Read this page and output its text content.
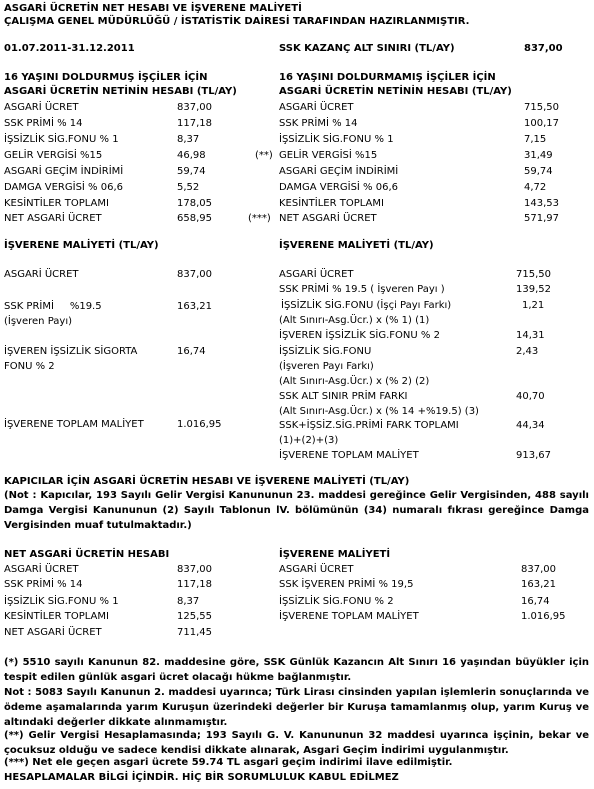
ASGARİ ÜCRETİN NET HESABI VE İŞVERENE MALİYETİ
ÇALIŞMA GENEL MÜDÜRLÜĞÜ / İSTATİSTİK DAİRESİ TARAFINDAN HAZIRLANMIŞTIR.
01.07.2011-31.12.2011	SSK KAZANÇ ALT SINIRI (TL/AY)	837,00
16 YAŞINI DOLDURMUŞ İŞÇİLER İÇİN
ASGARİ ÜCRETİN NETİNİN HESABI (TL/AY)
ASGARİ ÜCRET	837,00
SSK PRİMİ % 14	117,18
İŞSİZLİK SİG.FONU % 1	8,37
GELİR VERGİSİ %15	46,98	(**)
ASGARİ GEÇİM İNDİRİMİ	59,74
DAMGA VERGİSİ % 06,6	5,52
KESİNTİLER TOPLAMI	178,05
NET ASGARİ ÜCRET	658,95	(***)
16 YAŞINI DOLDURMAMIŞ İŞÇİLER İÇİN
ASGARİ ÜCRETİN NETİNİN HESABI (TL/AY)
ASGARİ ÜCRET	715,50
SSK PRİMİ % 14	100,17
İŞSİZLİK SİG.FONU % 1	7,15
GELİR VERGİSİ %15	31,49
ASGARİ GEÇİM İNDİRİMİ	59,74
DAMGA VERGİSİ % 06,6	4,72
KESİNTİLER TOPLAMI	143,53
NET ASGARİ ÜCRET	571,97
İŞVERENE MALİYETİ (TL/AY)
ASGARİ ÜCRET	837,00
SSK PRİMİ     %19.5	163,21
(İşveren Payı)
İŞVEREN İŞSİZLİK SİGORTA	16,74
FONU % 2
İŞVERENE TOPLAM MALİYET	1.016,95
İŞVERENE MALİYETİ (TL/AY)
ASGARİ ÜCRET	715,50
SSK PRİMİ % 19.5 ( İşveren Payı )	139,52
İŞSİZLİK SİG.FONU (İşçi Payı Farkı)	1,21
(Alt Sınırı-Asg.Ücr.) x (% 1) (1)
İŞVEREN İŞSİZLİK SİG.FONU % 2	14,31
İŞSİZLİK SİG.FONU	2,43
(İşveren Payı Farkı)
(Alt Sınırı-Asg.Ücr.) x (% 2) (2)
SSK ALT SINIR PRİM FARKI	40,70
(Alt Sınırı-Asg.Ücr.) x (% 14 +%19.5) (3)
SSK+İŞSİZ.SİG.PRİMİ FARK TOPLAMI	44,34
(1)+(2)+(3)
İŞVERENE TOPLAM MALİYET	913,67
KAPICILAR İÇİN ASGARİ ÜCRETİN HESABI VE İŞVERENE MALİYETİ (TL/AY)
(Not : Kapıcılar, 193 Sayılı Gelir Vergisi Kanununun 23. maddesi gereğince Gelir Vergisinden, 488 sayılı Damga Vergisi Kanununun (2) Sayılı Tablonun lV. bölümünün (34) numaralı fıkrası gereğince Damga Vergisinden muaf tutulmaktadır.)
NET ASGARİ ÜCRETİN HESABI
ASGARİ ÜCRET	837,00
SSK PRİMİ % 14	117,18
İŞSİZLİK SİG.FONU % 1	8,37
KESİNTİLER TOPLAMI	125,55
NET ASGARİ ÜCRET	711,45
İŞVERENE MALİYETİ
ASGARİ ÜCRET	837,00
SSK İŞVEREN PRİMİ % 19,5	163,21
İŞSİZLİK SİG.FONU % 2	16,74
İŞVERENE TOPLAM MALİYET	1.016,95
(*) 5510 sayılı Kanunun 82. maddesine göre, SSK Günlük Kazancın Alt Sınırı 16 yaşından büyükler için tespit edilen günlük asgari ücret olacağı hükme bağlanmıştır.
Not : 5083 Sayılı Kanunun 2. maddesi uyarınca; Türk Lirası cinsinden yapılan işlemlerin sonuçlarında ve ödeme aşamalarında yarım Kuruşun üzerindeki değerler bir Kuruşa tamamlanmış olup, yarım Kuruş ve altındaki değerler dikkate alınmamıştır.
(**) Gelir Vergisi Hesaplamasında; 193 Sayılı G. V. Kanununun 32 maddesi uyarınca işçinin, bekar ve çocuksuz olduğu ve sadece kendisi dikkate alınarak, Asgari Geçim İndirimi uygulanmıştır.
(***) Net ele geçen asgari ücrete 59.74 TL asgari geçim indirimi ilave edilmiştir.
HESAPLAMALAR BİLGİ İÇİNDİR. HİÇ BİR SORUMLULUK KABUL EDİLMEZ
